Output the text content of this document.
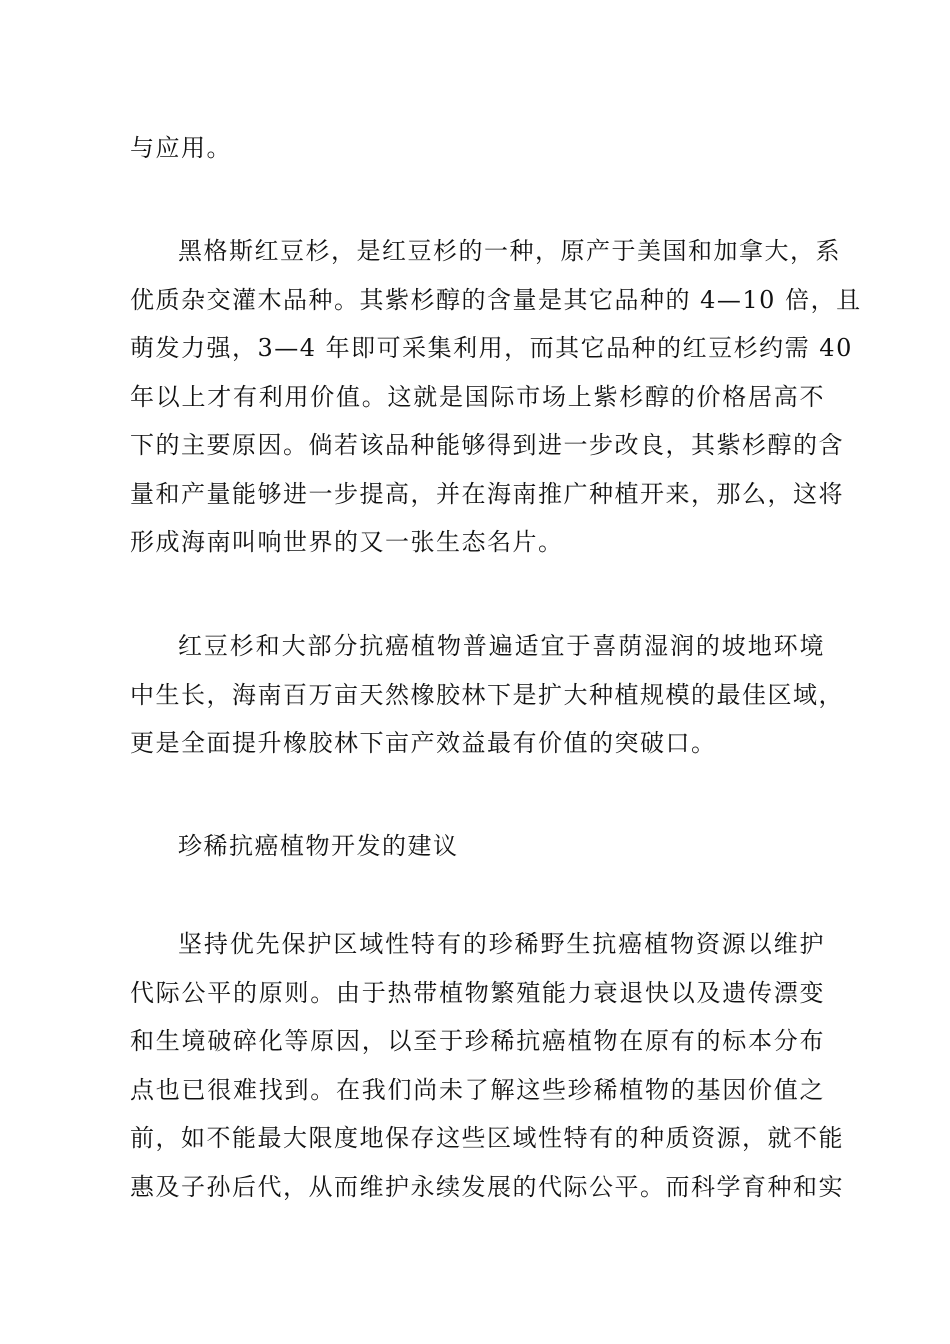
与应用。
黑格斯红豆杉，是红豆杉的一种，原产于美国和加拿大，系
优质杂交灌木品种。其紫杉醇的含量是其它品种的 4—10 倍，且
萌发力强，3—4 年即可采集利用，而其它品种的红豆杉约需 40
年以上才有利用价值。这就是国际市场上紫杉醇的价格居高不
下的主要原因。倘若该品种能够得到进一步改良，其紫杉醇的含
量和产量能够进一步提高，并在海南推广种植开来，那么，这将
形成海南叫响世界的又一张生态名片。
红豆杉和大部分抗癌植物普遍适宜于喜荫湿润的坡地环境
中生长，海南百万亩天然橡胶林下是扩大种植规模的最佳区域，
更是全面提升橡胶林下亩产效益最有价值的突破口。
珍稀抗癌植物开发的建议
坚持优先保护区域性特有的珍稀野生抗癌植物资源以维护
代际公平的原则。由于热带植物繁殖能力衰退快以及遗传漂变
和生境破碎化等原因，以至于珍稀抗癌植物在原有的标本分布
点也已很难找到。在我们尚未了解这些珍稀植物的基因价值之
前，如不能最大限度地保存这些区域性特有的种质资源，就不能
惠及子孙后代，从而维护永续发展的代际公平。而科学育种和实
